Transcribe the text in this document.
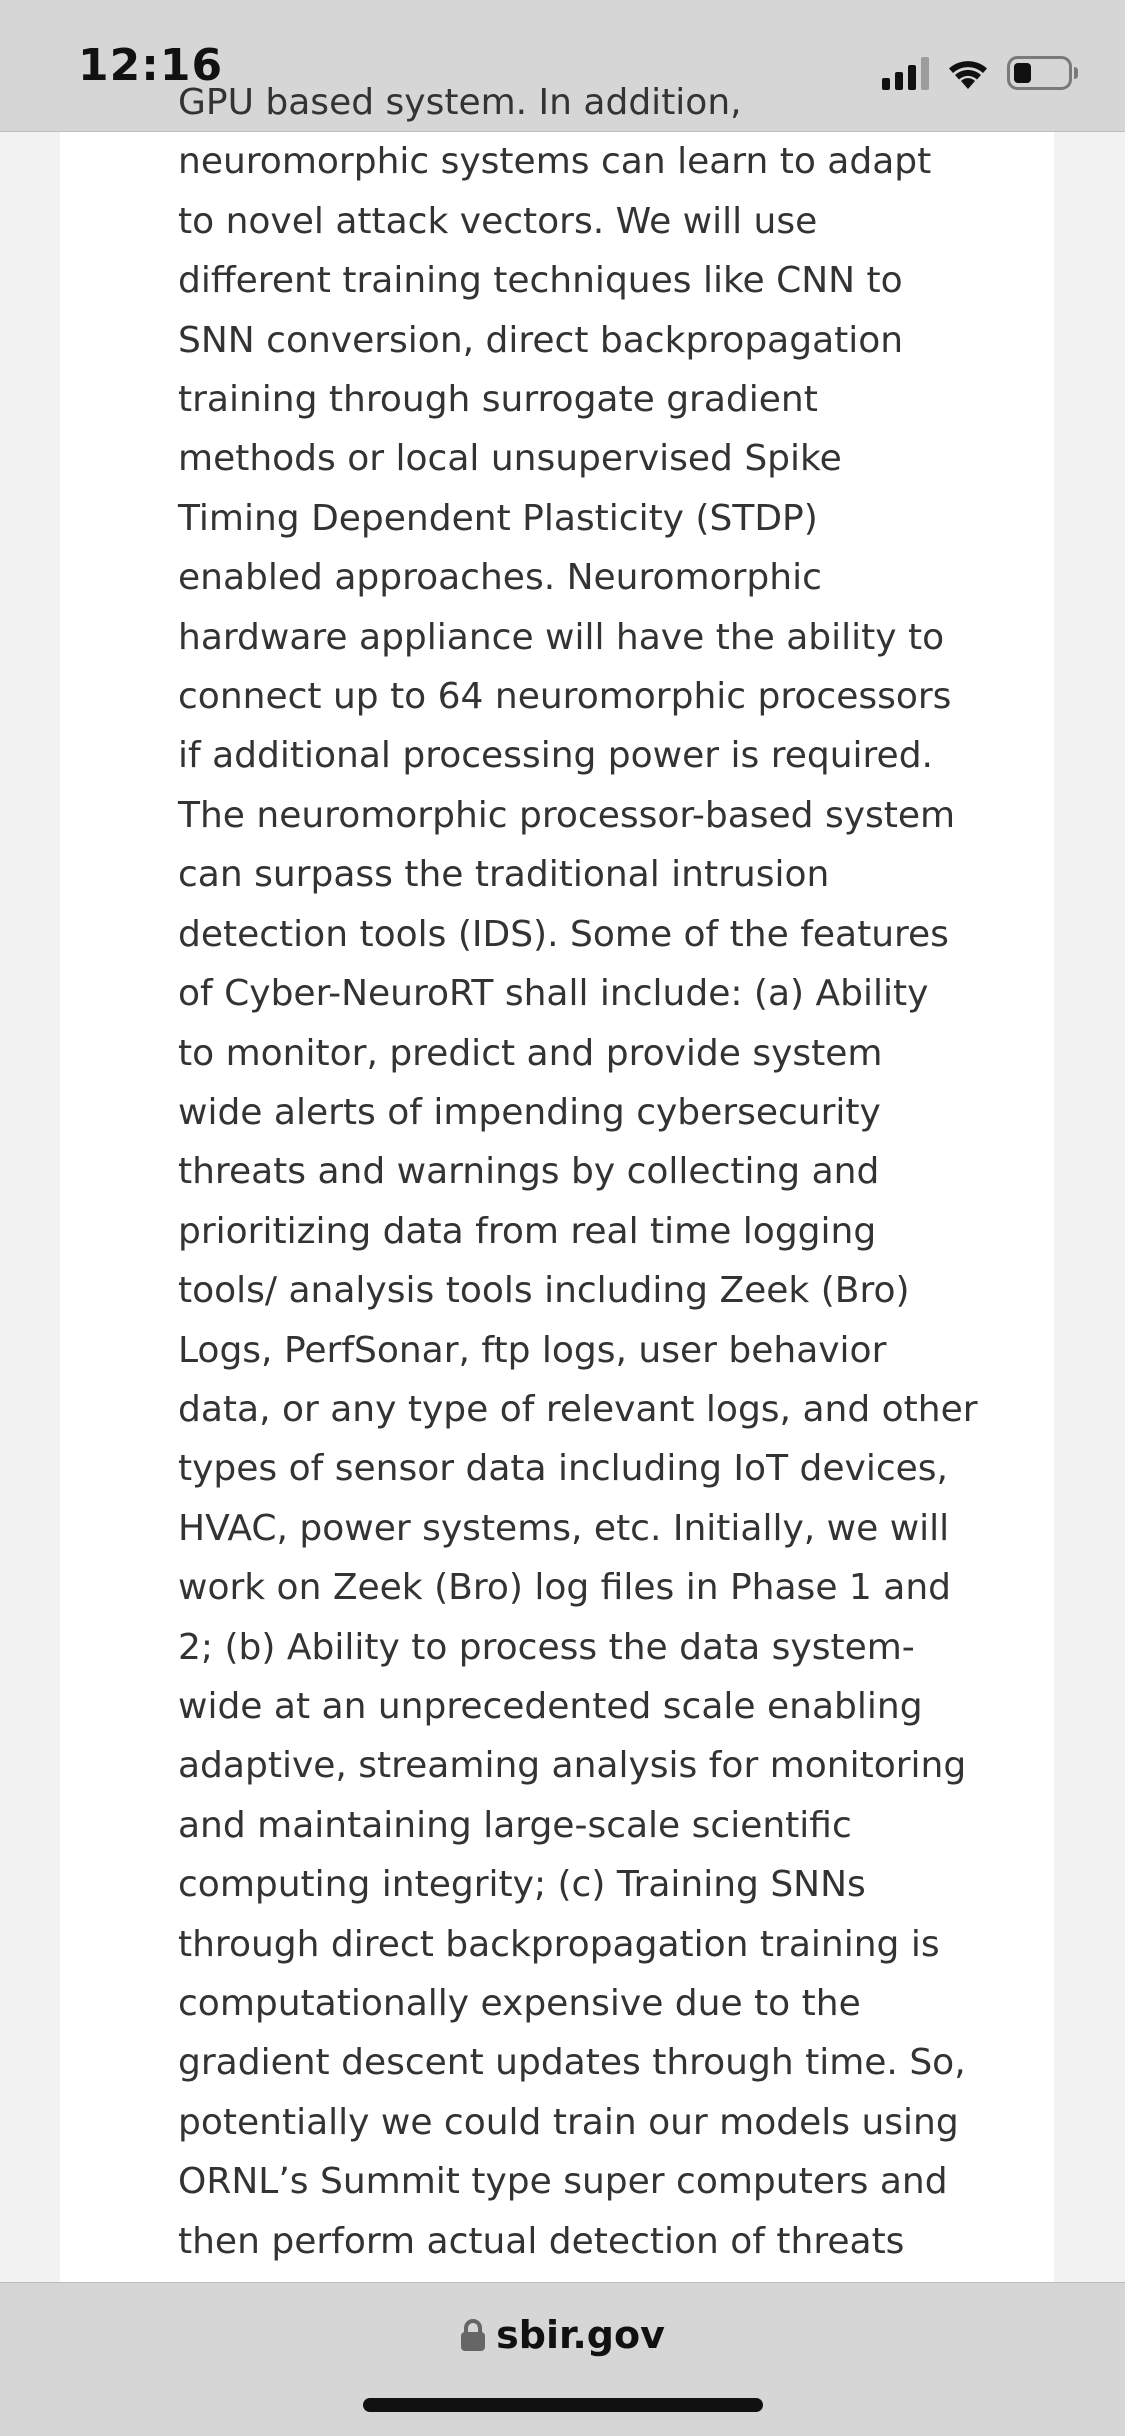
12:16

GPU based system. In addition,
neuromorphic systems can learn to adapt
to novel attack vectors. We will use
different training techniques like CNN to
SNN conversion, direct backpropagation
training through surrogate gradient
methods or local unsupervised Spike
Timing Dependent Plasticity (STDP)
enabled approaches. Neuromorphic
hardware appliance will have the ability to
connect up to 64 neuromorphic processors
if additional processing power is required.
The neuromorphic processor-based system
can surpass the traditional intrusion
detection tools (IDS). Some of the features
of Cyber-NeuroRT shall include: (a) Ability
to monitor, predict and provide system
wide alerts of impending cybersecurity
threats and warnings by collecting and
prioritizing data from real time logging
tools/ analysis tools including Zeek (Bro)
Logs, PerfSonar, ftp logs, user behavior
data, or any type of relevant logs, and other
types of sensor data including IoT devices,
HVAC, power systems, etc. Initially, we will
work on Zeek (Bro) log files in Phase 1 and
2; (b) Ability to process the data system-
wide at an unprecedented scale enabling
adaptive, streaming analysis for monitoring
and maintaining large-scale scientific
computing integrity; (c) Training SNNs
through direct backpropagation training is
computationally expensive due to the
gradient descent updates through time. So,
potentially we could train our models using
ORNL’s Summit type super computers and
then perform actual detection of threats

sbir.gov
